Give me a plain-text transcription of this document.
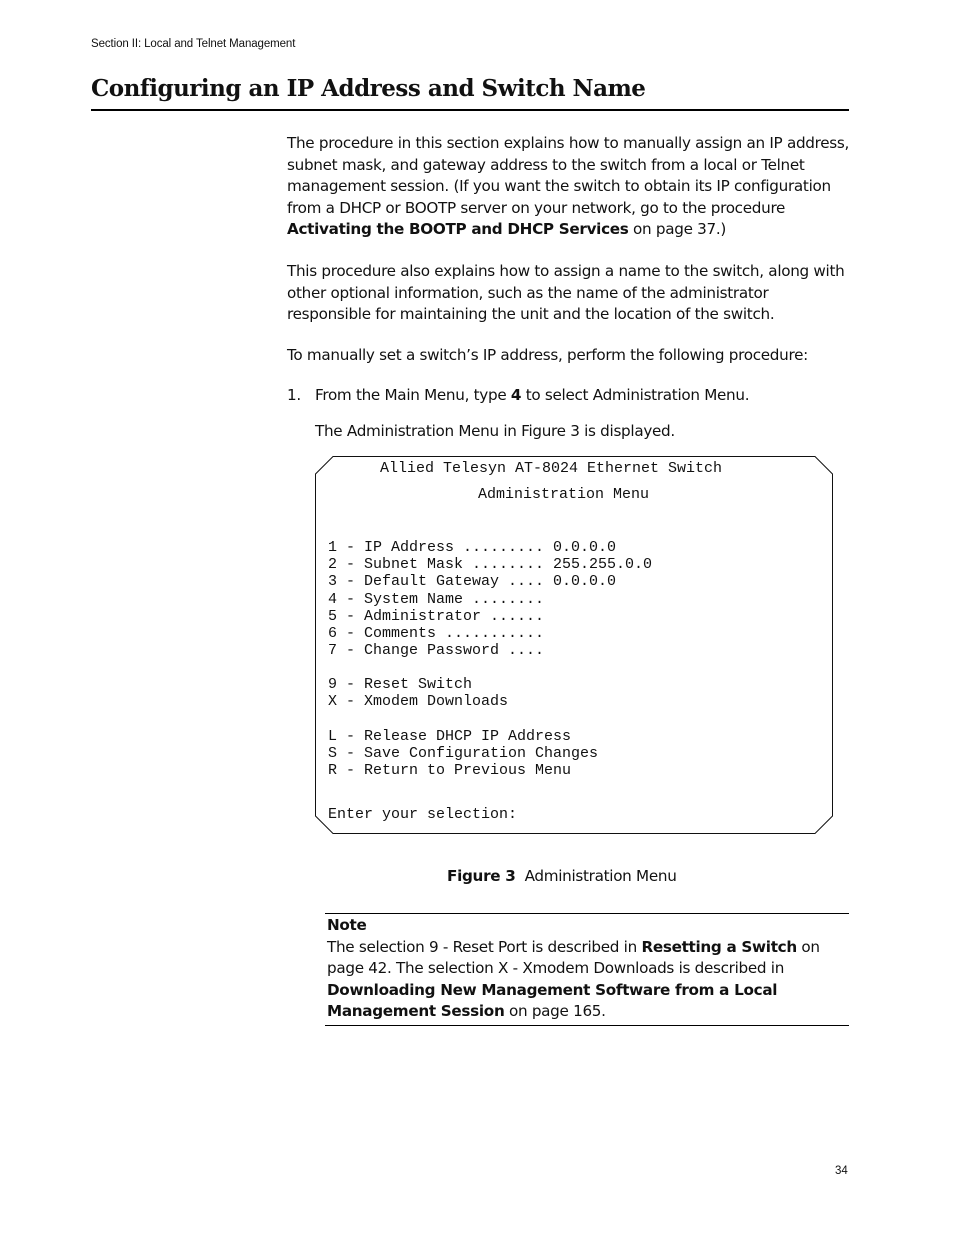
Section II: Local and Telnet Management
Configuring an IP Address and Switch Name

The procedure in this section explains how to manually assign an IP address, subnet mask, and gateway address to the switch from a local or Telnet management session. (If you want the switch to obtain its IP configuration from a DHCP or BOOTP server on your network, go to the procedure Activating the BOOTP and DHCP Services on page 37.)

This procedure also explains how to assign a name to the switch, along with other optional information, such as the name of the administrator responsible for maintaining the unit and the location of the switch.

To manually set a switch’s IP address, perform the following procedure:

1. From the Main Menu, type 4 to select Administration Menu.
The Administration Menu in Figure 3 is displayed.
Allied Telesyn AT-8024 Ethernet Switch
Administration Menu
1 - IP Address ......... 0.0.0.0
2 - Subnet Mask ........ 255.255.0.0
3 - Default Gateway .... 0.0.0.0
4 - System Name ........
5 - Administrator ......
6 - Comments ...........
7 - Change Password ....
9 - Reset Switch
X - Xmodem Downloads
L - Release DHCP IP Address
S - Save Configuration Changes
R - Return to Previous Menu
Enter your selection:
Figure 3 Administration Menu

Note

The selection 9 - Reset Port is described in Resetting a Switch on page 42. The selection X - Xmodem Downloads is described in Downloading New Management Software from a Local Management Session on page 165.

34
